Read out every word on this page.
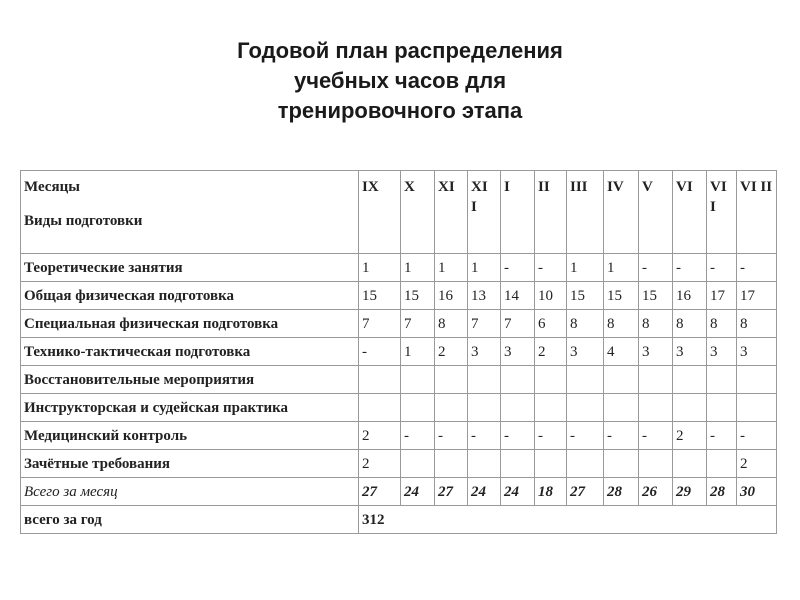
Годовой план распределения
учебных часов для
тренировочного этапа
Месяцы
Виды подготовки	IX	X	XI	XI I	I	II	III	IV	V	VI	VI I	VI II
Теоретические занятия	1	1	1	1	-	-	1	1	-	-	-	-
Общая физическая подготовка	15	15	16	13	14	10	15	15	15	16	17	17
Специальная физическая подготовка	7	7	8	7	7	6	8	8	8	8	8	8
Технико-тактическая подготовка	-	1	2	3	3	2	3	4	3	3	3	3
Восстановительные мероприятия												
Инструкторская и судейская практика												
Медицинский контроль	2	-	-	-	-	-	-	-	-	2	-	-
Зачётные требования	2											2
Всего за месяц	27	24	27	24	24	18	27	28	26	29	28	30
всего за год	312											
